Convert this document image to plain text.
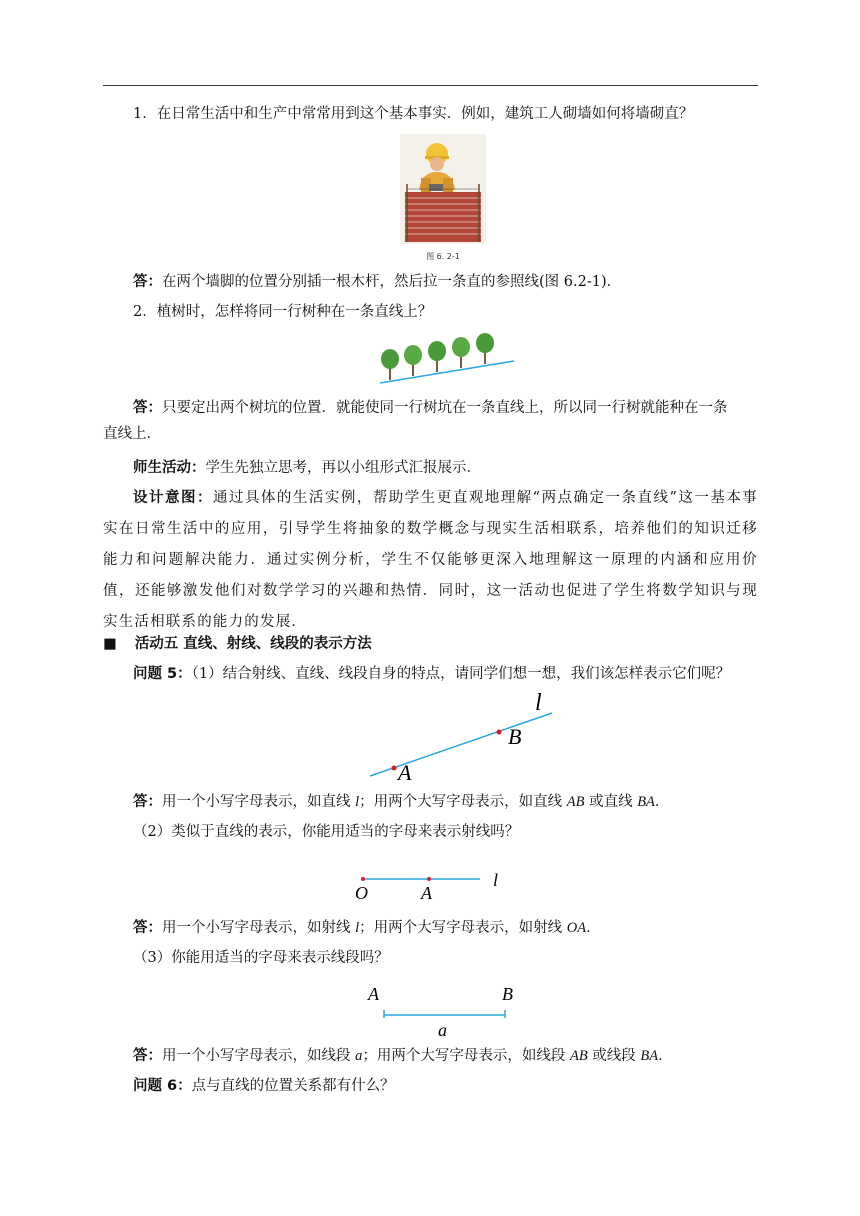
1．在日常生活中和生产中常常用到这个基本事实．例如，建筑工人砌墙如何将墙砌直？
图 6. 2-1
答：在两个墙脚的位置分别插一根木杆，然后拉一条直的参照线(图 6.2-1)．
2．植树时，怎样将同一行树种在一条直线上？
答：只要定出两个树坑的位置．就能使同一行树坑在一条直线上，所以同一行树就能种在一条
直线上．
师生活动：学生先独立思考，再以小组形式汇报展示．
设计意图：通过具体的生活实例，帮助学生更直观地理解“两点确定一条直线”这一基本事实在日常生活中的应用，引导学生将抽象的数学概念与现实生活相联系，培养他们的知识迁移能力和问题解决能力．通过实例分析，学生不仅能够更深入地理解这一原理的内涵和应用价值，还能够激发他们对数学学习的兴趣和热情．同时，这一活动也促进了学生将数学知识与现实生活相联系的能力的发展．
■ 活动五 直线、射线、线段的表示方法
问题 5：（1）结合射线、直线、线段自身的特点，请同学们想一想，我们该怎样表示它们呢？
l
B
A
答：用一个小写字母表示，如直线 l；用两个大写字母表示，如直线 AB 或直线 BA．
（2）类似于直线的表示，你能用适当的字母来表示射线吗？
O	A
l
答：用一个小写字母表示，如射线 l；用两个大写字母表示，如射线 OA．
（3）你能用适当的字母来表示线段吗？
A	B
a
答：用一个小写字母表示，如线段 a；用两个大写字母表示，如线段 AB 或线段 BA．
问题 6：点与直线的位置关系都有什么？
